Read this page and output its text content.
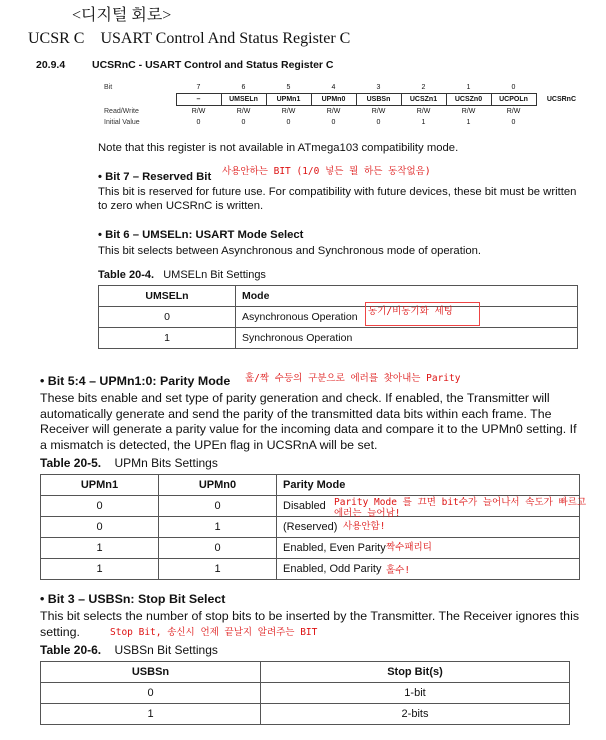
<디지털 회로>
UCSR C    USART Control And Status Register C
20.9.4	UCSRnC - USART Control and Status Register C
Bit	7	6	5	4	3	2	1	0	
	–	UMSELn	UPMn1	UPMn0	USBSn	UCSZn1	UCSZn0	UCPOLn	UCSRnC
Read/Write	R/W	R/W	R/W	R/W	R/W	R/W	R/W	R/W	
Initial Value	0	0	0	0	0	1	1	0	
Note that this register is not available in ATmega103 compatibility mode.
• Bit 7 – Reserved Bit 사용안하는 BIT (1/0 넣든 뭘 하든 동작없음)
This bit is reserved for future use. For compatibility with future devices, these bit must be written to zero when UCSRnC is written.
• Bit 6 – UMSELn: USART Mode Select
This bit selects between Asynchronous and Synchronous mode of operation.
Table 20-4. UMSELn Bit Settings
UMSELn	Mode
0	Asynchronous Operation
1	Synchronous Operation
동기/비동기화 세팅
• Bit 5:4 – UPMn1:0: Parity Mode 홀/짝 수등의 구분으로 에러를 찾아내는 Parity
These bits enable and set type of parity generation and check. If enabled, the Transmitter will automatically generate and send the parity of the transmitted data bits within each frame. The Receiver will generate a parity value for the incoming data and compare it to the UPMn0 setting. If a mismatch is detected, the UPEn flag in UCSRnA will be set.
Table 20-5. UPMn Bits Settings
UPMn1	UPMn0	Parity Mode
0	0	Disabled
0	1	(Reserved)
1	0	Enabled, Even Parity
1	1	Enabled, Odd Parity
Parity Mode 를 끄면 bit수가 늘어나서 속도가 빠르고
에러는 늘어남!
사용안함!
짝수패리티
홀수!
• Bit 3 – USBSn: Stop Bit Select
This bit selects the number of stop bits to be inserted by the Transmitter. The Receiver ignores this setting.	Stop Bit, 송신시 언제 끝날지 알려주는 BIT
Table 20-6. USBSn Bit Settings
USBSn	Stop Bit(s)
0	1-bit
1	2-bits
